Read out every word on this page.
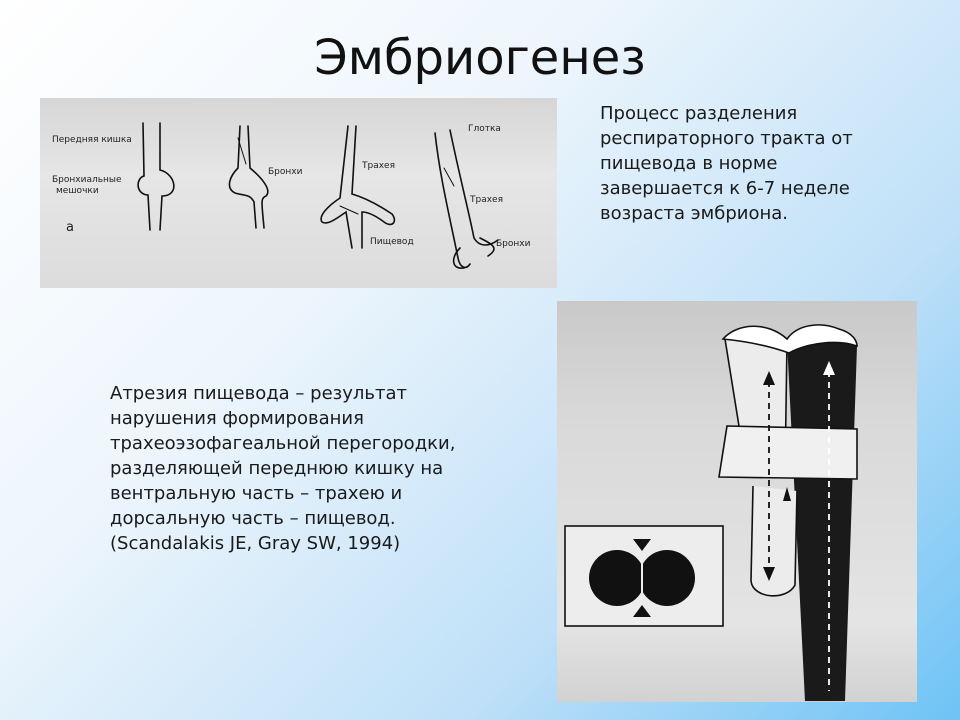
Эмбриогенез
Процесс разделения
респираторного тракта от
пищевода в норме
завершается к 6-7 неделе
возраста эмбриона.
Атрезия пищевода – результат
нарушения формирования
трахеоэзофагеальной перегородки,
разделяющей переднюю кишку на
вентральную часть – трахею и
дорсальную часть – пищевод.
(Scandalakis JE, Gray SW, 1994)
Передняя кишка
Бронхиальные
мешочки
а
Бронхи
Трахея
Пищевод
Глотка
Трахея
Бронхи
